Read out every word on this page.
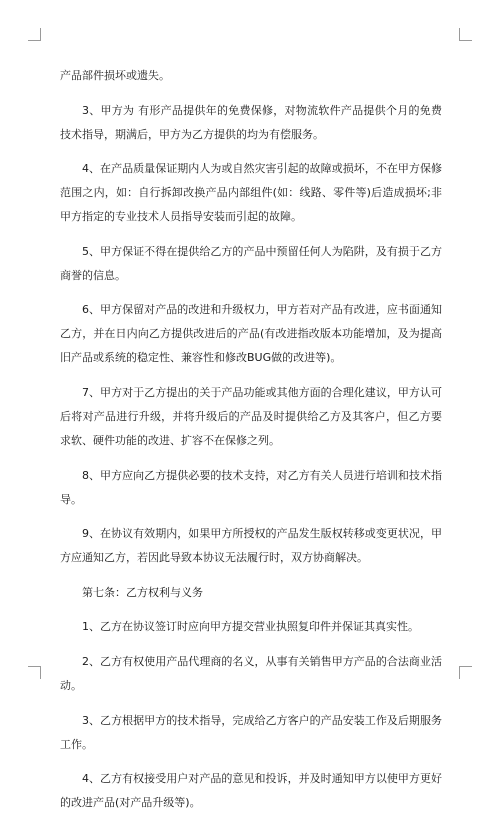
产品部件损坏或遗失。

3、甲方为 有形产品提供年的免费保修，对物流软件产品提供个月的免费技术指导，期满后，甲方为乙方提供的均为有偿服务。

4、在产品质量保证期内人为或自然灾害引起的故障或损坏，不在甲方保修范围之内，如：自行拆卸改换产品内部组件(如：线路、零件等)后造成损坏;非甲方指定的专业技术人员指导安装而引起的故障。

5、甲方保证不得在提供给乙方的产品中预留任何人为陷阱，及有损于乙方商誉的信息。

6、甲方保留对产品的改进和升级权力，甲方若对产品有改进，应书面通知乙方，并在日内向乙方提供改进后的产品(有改进指改版本功能增加，及为提高旧产品或系统的稳定性、兼容性和修改BUG做的改进等)。

7、甲方对于乙方提出的关于产品功能或其他方面的合理化建议，甲方认可后将对产品进行升级，并将升级后的产品及时提供给乙方及其客户，但乙方要求软、硬件功能的改进、扩容不在保修之列。

8、甲方应向乙方提供必要的技术支持，对乙方有关人员进行培训和技术指导。

9、在协议有效期内，如果甲方所授权的产品发生版权转移或变更状况，甲方应通知乙方，若因此导致本协议无法履行时，双方协商解决。

第七条：乙方权利与义务

1、乙方在协议签订时应向甲方提交营业执照复印件并保证其真实性。

2、乙方有权使用产品代理商的名义，从事有关销售甲方产品的合法商业活动。

3、乙方根据甲方的技术指导，完成给乙方客户的产品安装工作及后期服务工作。

4、乙方有权接受用户对产品的意见和投诉，并及时通知甲方以使甲方更好的改进产品(对产品升级等)。
